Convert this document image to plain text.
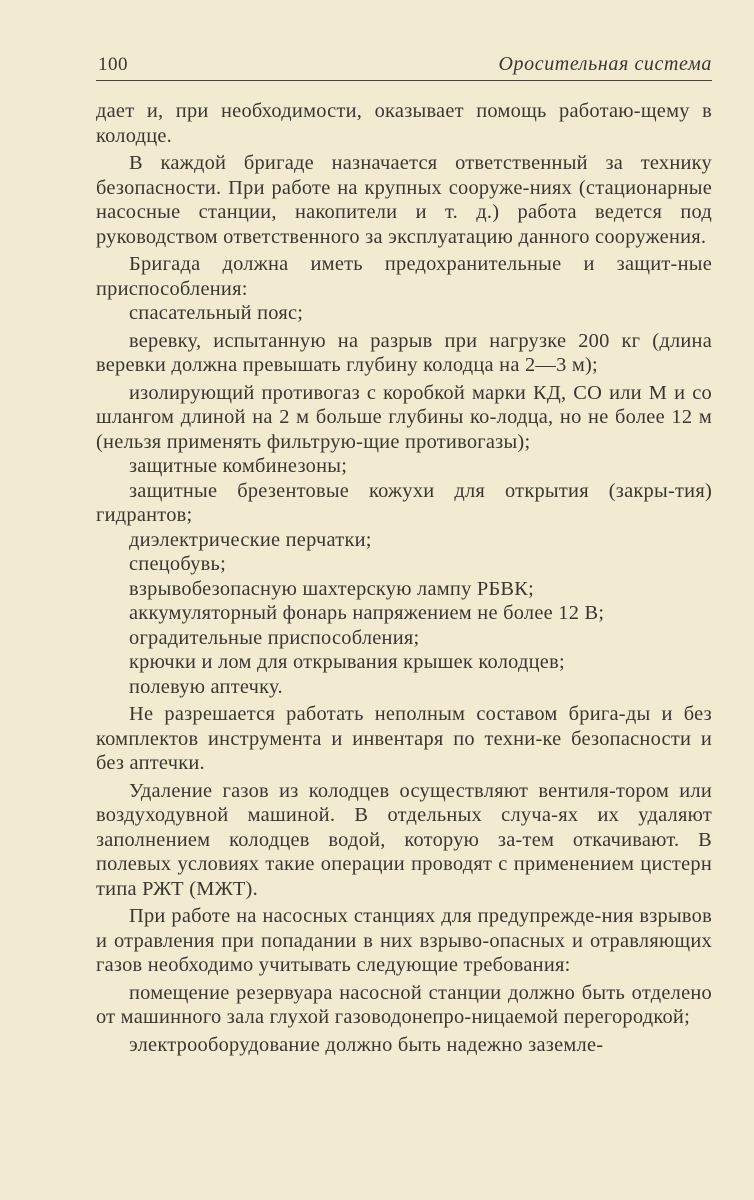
100	Оросительная система

дает и, при необходимости, оказывает помощь работаю-щему в колодце.

В каждой бригаде назначается ответственный за технику безопасности. При работе на крупных сооруже-ниях (стационарные насосные станции, накопители и т. д.) работа ведется под руководством ответственного за эксплуатацию данного сооружения.

Бригада должна иметь предохранительные и защит-ные приспособления:

спасательный пояс;

веревку, испытанную на разрыв при нагрузке 200 кг (длина веревки должна превышать глубину колодца на 2—3 м);

изолирующий противогаз с коробкой марки КД, СО или М и со шлангом длиной на 2 м больше глубины ко-лодца, но не более 12 м (нельзя применять фильтрую-щие противогазы);

защитные комбинезоны;

защитные брезентовые кожухи для открытия (закры-тия) гидрантов;

диэлектрические перчатки;

спецобувь;

взрывобезопасную шахтерскую лампу РБВК;

аккумуляторный фонарь напряжением не более 12 В;

оградительные приспособления;

крючки и лом для открывания крышек колодцев;

полевую аптечку.

Не разрешается работать неполным составом брига-ды и без комплектов инструмента и инвентаря по техни-ке безопасности и без аптечки.

Удаление газов из колодцев осуществляют вентиля-тором или воздуходувной машиной. В отдельных случа-ях их удаляют заполнением колодцев водой, которую за-тем откачивают. В полевых условиях такие операции проводят с применением цистерн типа РЖТ (МЖТ).

При работе на насосных станциях для предупрежде-ния взрывов и отравления при попадании в них взрыво-опасных и отравляющих газов необходимо учитывать следующие требования:

помещение резервуара насосной станции должно быть отделено от машинного зала глухой газоводонепро-ницаемой перегородкой;

электрооборудование должно быть надежно заземле-
